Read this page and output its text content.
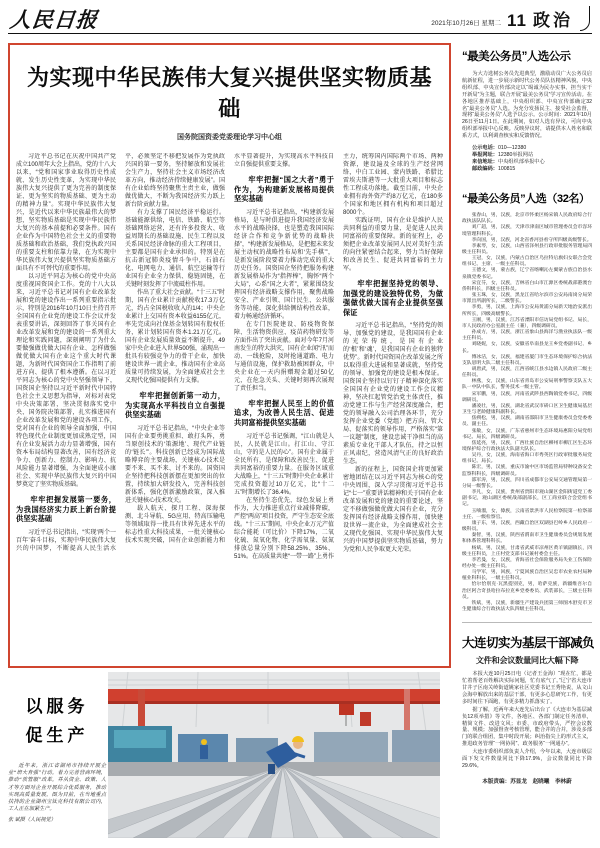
人民日报	2021年10月26日 星期二 11 政治
为实现中华民族伟大复兴提供坚实物质基础
国务院国资委党委理论学习中心组

习近平总书记在庆祝中国共产党成立100周年大会上指出，党的十八大以来，“党和国家事业取得历史性成就、发生历史性变革，为实现中华民族伟大复兴提供了更为完善的制度保证、更为坚实的物质基础、更为主动的精神力量”。实现中华民族伟大复兴，是近代以来中华民族最伟大的梦想，坚实物质基础是实现中华民族伟大复兴的基本前提和必要条件。国有企业作为中国特色社会主义的重要物质基础和政治基础，我们党执政兴国的重要支柱和依靠力量，在为实现中华民族伟大复兴提供坚实物质基础方面具有不可替代的重要作用。

以习近平同志为核心的党中央高度重视国资国企工作。党的十八大以来，习近平总书记对国有企业改革发展和党的建设作出一系列重要指示批示，特别是2016年10月10日主持召开全国国有企业党的建设工作会议并发表重要讲话，深刻回答了事关国有企业改革发展和党的建设的一系列重大理论和实践问题，深刻阐明了为什么要做强做优做大国有企业、怎样做强做优做大国有企业这个重大时代课题，为新时代国资国企工作指明了前进方向、提供了根本遵循。在以习近平同志为核心的党中央坚强领导下，国资国企坚持以习近平新时代中国特色社会主义思想为指导，对标对表党中央决策部署，坚决贯彻落实党中央、国务院决策部署，扎实推进国有企业改革发展和党的建设各项工作，党对国有企业的领导全面加强，中国特色现代企业制度更加成熟定型，国有企业发展活力动力显著增强，国有资本布局结构显著改善，国有经济竞争力、创新力、控制力、影响力、抗风险能力显著增强，为全面建成小康社会、实现中华民族伟大复兴的中国梦奠定了坚实物质基础。

牢牢把握发展第一要务，为我国经济实力跃上新台阶提供坚实基础

习近平总书记指出，“实现‘两个一百年’奋斗目标，实现中华民族伟大复兴的中国梦，不断提高人民生活水平，必须坚定不移把发展作为党执政兴国的第一要务，坚持解放和发展社会生产力，坚持社会主义市场经济改革方向，推动经济持续健康发展”。国有企业始终坚持聚焦主责主业，做强做优做大，不断为我国经济实力跃上新台阶贡献力量。

有力支撑了国民经济平稳运行。基础能源供给，电信、铁路、航空等基础网络运营，还有许多投资大、收益周期长的基础设施、民生工程以及关系国民经济命脉的重大工程项目，主要都是国有企业承担的。特别是在抗击新冠肺炎疫情斗争中，石油石化、电网电力、通信、航空运输等行业国有企业全力保供、稳链固链，在关键时刻发挥了中流砥柱作用。

作出了重大社会贡献。“十三五”时期，国有企业累计贡献税收17.3万亿元，约占全国税收收入的1/4；中央企业累计上交国有资本收益6155亿元，率先完成向社保基金划转国有股权任务，累计划转国有资本1.21万亿元。国有企业发展质量效益不断提升，49家中央企业进入世界500强，涌现出一批具有较强竞争力的骨干企业，加快建设世界一流企业，推动国有企业高质量可持续发展，为全面建成社会主义现代化强国提供有力支撑。

牢牢把握创新第一动力，为实现高水平科技自立自强提供坚实基础

习近平总书记指出，“中央企业等国有企业要勇挑重担、敢打头阵，勇当原创技术的‘策源地’、现代产业链的‘链长’”。科技创新已经成为国际战略博弈的主要战场，关键核心技术是要不来、买不来、讨不来的。国资国企坚持把科技创新摆在更加突出的位置，持续加大研发投入，完善科技创新体系，强化创新激励政策，深入推进关键核心技术攻关。

载人航天、探月工程、深海探测、北斗导航、5G应用、特高压输电等领域取得一批具有世界先进水平的标志性重大科技成果，一批关键核心技术实现突破，国有企业创新能力和水平显著提升，为实现高水平科技自立自强提供重要支撑。

牢牢把握“国之大者”勇于作为，为构建新发展格局提供坚实基础

习近平总书记指出，“构建新发展格局，是与时俱进提升我国经济发展水平的战略抉择，也是塑造我国国际经济合作和竞争新优势的战略抉择”，“构建新发展格局，是把握未来发展主动权的战略性布局和‘先手棋’”，是新发展阶段要着力推动完成的重大历史任务。国资国企坚持把服务构建新发展格局作为“指挥棒”，胸怀“两个大局”，心系“国之大者”，紧紧围绕发挥国有经济战略支撑作用，聚焦战略安全、产业引领、国计民生、公共服务等功能，深化供给侧结构性改革，着力畅通经济循环。

在专门医院建设、防疫物资保障、生活物资供应、疫苗药物研发等方面作出了突出贡献。面对今年7月河南发生的特大洪灾，国有企业闻“汛”而动、一线抢险，及时抢通道路、电力与通信设施，保护救助被困群众，中央企业在一天内捐赠现金超过50亿元，在危急关头、关键时刻再次展现了责任担当。

牢牢把握人民至上的价值追求，为改善人民生活、促进共同富裕提供坚实基础

习近平总书记强调，“江山就是人民，人民就是江山。打江山、守江山，守的是人民的心”。国有企业属于全民所有，是保障和改善民生、促进共同富裕的重要力量。在服务区域重大战略上，“十三五”时期中央企业累计完成投资超过10万亿元，比“十二五”时期增长了36.4%。

在坚持生态优先、绿色发展上勇作为，大力推进重点行业减排降碳，严控“两高”项目投资，严守生态安全底线。“十三五”期间，中央企业万元产值综合能耗（可比价）下降17%，二氧化硫、氮氧化物、化学需氧量、氨氮排放总量分别下降58.25%、35%、51%。在高质量共建“一带一路”上勇作主力，统筹国内国际两个市场、两种资源，建设遍及全球的生产经营网络，中白工业园、蒙内铁路、希腊比雷埃夫斯港等一大批重大项目和标志性工程成功落地。截至目前，中央企业拥有海外资产约8万亿元，在180多个国家和地区拥有机构和项目超过8000个。

实践证明，国有企业是维护人民共同利益的重要力量，是促进人民共同富裕的重要保障。新的征程上，必须把企业改革发展同人民对美好生活的向往紧密结合起来，努力当好保障和改善民生、促进共同富裕的主力军。

牢牢把握坚持党的领导、加强党的建设独特优势，为做强做优做大国有企业提供坚强保证

习近平总书记指出，“坚持党的领导、加强党的建设，是我国国有企业的光荣传统，是国有企业的‘根’和‘魂’，是我国国有企业的独特优势”。新时代国资国企改革发展之所以取得重大进展和显著成就，坚持党的领导、加强党的建设是根本保证。国资国企坚持以钉钉子精神深化落实全国国有企业党的建设工作会议精神，坚决扛起管党治党主体责任，推动党建工作与生产经营深度融合，把党的领导融入公司治理各环节，充分发挥企业党委（党组）把方向、管大局、促落实的领导作用，严格落实“第一议题”制度，建设忠诚干净担当的高素质专业化干部人才队伍，持之以恒正风肃纪，营造风清气正的良好政治生态。

新的征程上，国资国企将更加紧密地团结在以习近平同志为核心的党中央周围，深入学习贯彻习近平总书记“七一”重要讲话精神和关于国有企业改革发展和党的建设的重要论述，坚定不移做强做优做大国有企业，充分发挥国有经济战略支撑作用，加快建设世界一流企业，为全面建成社会主义现代化强国、实现中华民族伟大复兴的中国梦提供坚实物质基础，努力为党和人民争取更大光荣。

“最美公务员”人选公示
为大力选树公务员先进典型，激励动员广大公务员启航新征程，进一步展示新时代公务员队伍精神风貌，中央组织部、中央宣传部决定以“竭诚为民办实事、担当实干开新局”为主题，联合开展“最美公务员”学习宣传活动。在各地区推荐基础上，中央组织部、中央宣传部确定32名“最美公务员”人选。为充分发扬民主、接受社会监督，现将“最美公务员”人选予以公示。公示时间：2021年10月26日至11月1日。在此期间，如对人选有异议，可向中央组织部举报中心反映。反映异议时，请提供本人姓名和联系方式，以利调查核实和反馈情况。
公示电话：010—12380
举报网址：12380举报网站
来信地址：中央组织部举报中心
邮政编码：100815
“最美公务员”人选（32名）

张春山，男，汉族，北京市怀柔区杨宋镇人民政府综合行政执法队队长。

刘广超，男，汉族，天津市津南区城市管理委员会市容环境管理科科长。

李向国，男，汉族，河北省香河县看守所四级高级警长。

李素琴，女，汉族，山西省泽州县行政审批服务管理局四级主任科员。

王冠，女，汉族，内蒙古自治区乌拉特后旗妇女联合会党组书记、主席、一级主任科员。

王德文，男，蒙古族，辽宁省喀喇沁左翼蒙古族自治县水泉镇党委书记。

宋宜芬，女，汉族，吉林省白山市江源区委统战部港澳台侨科科长，四级主任科员。

张玉珠，女，汉族，黑龙江省哈尔滨市公安局南岗分局荣市派出所副所长，二级警长。

李勇，男，汉族，上海市公安局黄浦分局新天地治安派出所所长，四级高级警长。

王刚，男，汉族，江苏省溧阳市信访局党组书记、局长，市人民政府办公室副主任（兼），四级调研员。

孙成方，男，汉族，浙江省象山县海洋与渔业执法队一级主任科员。

刘晓妮，女，汉族，安徽省阜南县龙王乡党委副书记、乡长。

傅冰洁，女，汉族，福建省厦门市生态环境保护综合执法支队思明大队二级主任科员。

胡唐武，男，汉族，江西省峡江县水边镇人民政府二级主任科员。

林燕，女，汉族，山东省青岛市公安局刑事警察支队五大队一中队中队长，警务技术一级主管。

宋军鹏，男，汉族，河南省武陟县西陶镇党委书记，四级调研员。

潘凌壮，男，汉族，湖北省武汉市硚口区卫生健康局基层卫生与老龄健康科副科长。

焦朔松，男，汉族，湖南省邵阳市卫生健康委员会党委委员、副主任。

张敏，女，汉族，广东省惠州市生态环境局惠阳分局党组书记、局长，四级调研员。

焦延亮，男，汉族，广西壮族自治区柳州市柳江区生态环境保护综合行政执法大队副大队长。

吴丹，女，汉族，海南省海口市秀英区行政审批服务局党组书记、局长。

陈宏，男，汉族，重庆市渝中区市场监管局特种设备安全监察科科长，四级调研员。

邵军涛，男，汉族，四川省成都市公安局交通管理局第一分局一级警长。

李凡，女，汉族，贵州省贵阳市观山湖区金阳街道党工委副书记，观山湖区委统战部副部长，区工商业联合会党组书记。

玉喃溜，女，傣族，云南省景洪市人民检察院第一检察部主任、一级检察官。

康子东，男，汉族，西藏自治区双湖县巴岭乡人民政府一级科员。

秦智，男，汉族，陕西省渭南市卫生健康委员会规划发展和体系管理科科长。

杨斌，男，汉族，甘肃省武威市凉州区黄羊镇副镇长，四级主任科员，上庄村党支部书记兼村委会主任。

李若曼，女，汉族，青海省社会保险服务局失业工伤保险经办处一级主任科员。

马学军，男，回族，宁夏回族自治区吴忠市农业农村局种植业科科长，一级主任科员。

恰尔恰别克·瓦黑提别克，男，哈萨克族，新疆维吾尔自治区阿合奇县哈拉布拉克乡党委委员、武装部长，三级主任科员。

铁斌，男，汉族，新疆生产建设兵团第三师图木舒克市卫生健康综合行政执法大队四级主任科员。

大连切实为基层干部减负
文件和会议数量同比大幅下降

本报大连10月25日电（记者王金海）“现在忙，都是忙着帮老百姓解决实际问题，忙有底气了。”辽宁省大连市甘井子区南关岭街道姚家社区党委书记王秀艳说，从文山会海中解放出来的基层干部，有更多心思研究工作，有更多时间往下面跑，有更多精力抓落实了。

据了解，近两年来大连先后出台了《大连市为基层减负12项举措》等文件，各地区、各部门制定任务清单，精简文件、改进文风；市委、市政府带头，严控会议数量、规模；加强督查考核管理，能合并的合并，涉及多部门的联合组团，集中时段开展；纠治指尖上的形式主义，推进政务管理“一网协同”、政务服务“一网通办”。

大连市委组织部负责人介绍，今年以来，大连市级层面下发文件数量同比下降17.9%，会议数量同比下降29.6%。

本版责编：苏显龙　赵晓曦　李林蔚
以服务
促生产
近年来，浙江省湖州市持续开展企业“培大育强”行动，着力完善营商环境，推动“放管服”改革，并从资金、政策、人才等方面对企业开展综合优质服务，推动实现高质量发展。图为日前，在当地重点扶持的企业湖州宝钛克科技有限公司内，工人正在加紧生产。
张 斌摄（人民视觉）
